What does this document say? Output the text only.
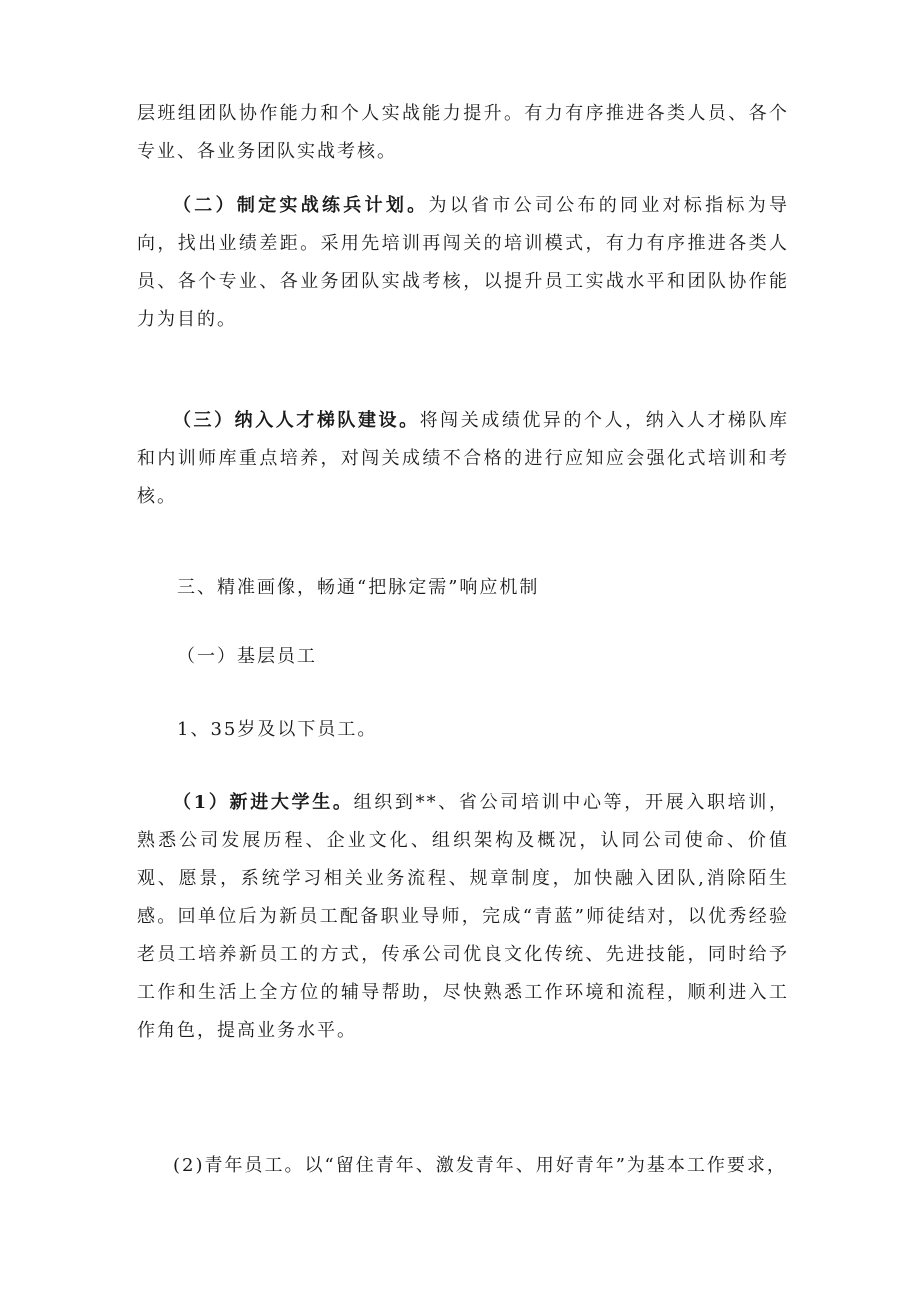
层班组团队协作能力和个人实战能力提升。有力有序推进各类人员、各个专业、各业务团队实战考核。

（二）制定实战练兵计划。为以省市公司公布的同业对标指标为导向，找出业绩差距。采用先培训再闯关的培训模式，有力有序推进各类人员、各个专业、各业务团队实战考核，以提升员工实战水平和团队协作能力为目的。

（三）纳入人才梯队建设。将闯关成绩优异的个人，纳入人才梯队库和内训师库重点培养，对闯关成绩不合格的进行应知应会强化式培训和考核。

三、精准画像，畅通“把脉定需”响应机制
（一）基层员工
1、35岁及以下员工。

（1）新进大学生。组织到**、省公司培训中心等，开展入职培训，熟悉公司发展历程、企业文化、组织架构及概况，认同公司使命、价值观、愿景，系统学习相关业务流程、规章制度，加快融入团队,消除陌生感。回单位后为新员工配备职业导师，完成“青蓝”师徒结对，以优秀经验老员工培养新员工的方式，传承公司优良文化传统、先进技能，同时给予工作和生活上全方位的辅导帮助，尽快熟悉工作环境和流程，顺利进入工作角色，提高业务水平。

(2)青年员工。以“留住青年、激发青年、用好青年”为基本工作要求，
